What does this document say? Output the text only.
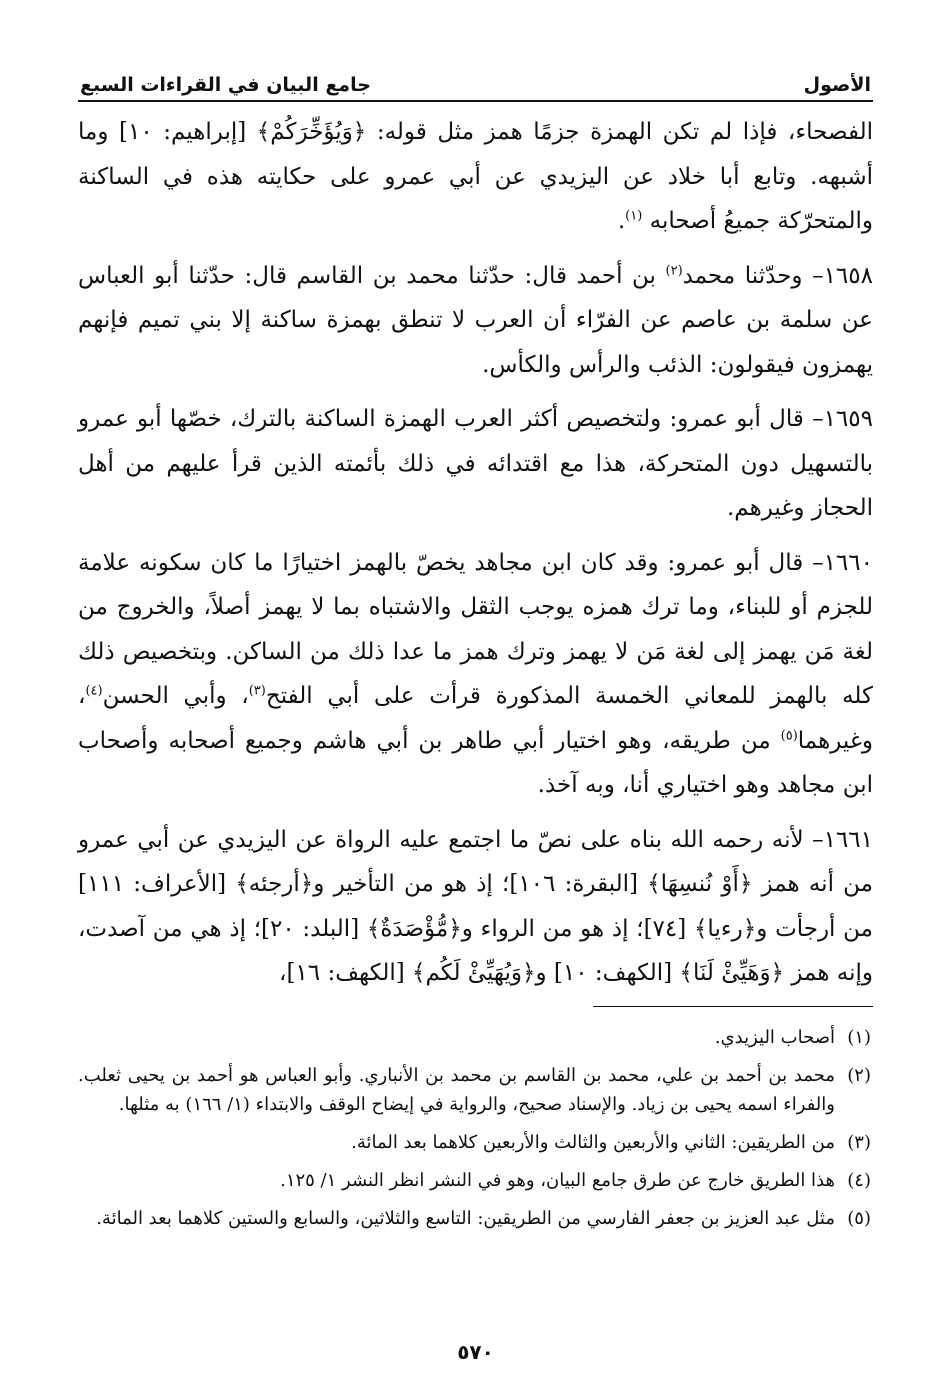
الأصول
جامع البيان في القراءات السبع

الفصحاء، فإذا لم تكن الهمزة جزمًا همز مثل قوله: ﴿وَيُؤَخِّرَكُمْ﴾ [إبراهيم: ١٠] وما أشبهه. وتابع أبا خلاد عن اليزيدي عن أبي عمرو على حكايته هذه في الساكنة والمتحرّكة جميعُ أصحابه $^{(١)}$.

١٦٥٨– وحدّثنا محمد$^{(٢)}$ بن أحمد قال: حدّثنا محمد بن القاسم قال: حدّثنا أبو العباس عن سلمة بن عاصم عن الفرّاء أن العرب لا تنطق بهمزة ساكنة إلا بني تميم فإنهم يهمزون فيقولون: الذئب والرأس والكأس.

١٦٥٩– قال أبو عمرو: ولتخصيص أكثر العرب الهمزة الساكنة بالترك، خصّها أبو عمرو بالتسهيل دون المتحركة، هذا مع اقتدائه في ذلك بأئمته الذين قرأ عليهم من أهل الحجاز وغيرهم.

١٦٦٠– قال أبو عمرو: وقد كان ابن مجاهد يخصّ بالهمز اختيارًا ما كان سكونه علامة للجزم أو للبناء، وما ترك همزه يوجب الثقل والاشتباه بما لا يهمز أصلاً، والخروج من لغة مَن يهمز إلى لغة مَن لا يهمز وترك همز ما عدا ذلك من الساكن. وبتخصيص ذلك كله بالهمز للمعاني الخمسة المذكورة قرأت على أبي الفتح$^{(٣)}$، وأبي الحسن$^{(٤)}$، وغيرهما$^{(٥)}$ من طريقه، وهو اختيار أبي طاهر بن أبي هاشم وجميع أصحابه وأصحاب ابن مجاهد وهو اختياري أنا، وبه آخذ.

١٦٦١– لأنه رحمه الله بناه على نصّ ما اجتمع عليه الرواة عن اليزيدي عن أبي عمرو من أنه همز ﴿أَوْ نُنسِهَا﴾ [البقرة: ١٠٦]؛ إذ هو من التأخير و﴿أرجئه﴾ [الأعراف: ١١١] من أرجأت و﴿رءيا﴾ [٧٤]؛ إذ هو من الرواء و﴿مُّؤْصَدَةٌ﴾ [البلد: ٢٠]؛ إذ هي من آصدت، وإنه همز ﴿وَهَيِّئْ لَنَا﴾ [الكهف: ١٠] و﴿وَيُهَيِّئْ لَكُم﴾ [الكهف: ١٦]،

(١)
أصحاب اليزيدي.
(٢)
محمد بن أحمد بن علي، محمد بن القاسم بن محمد بن الأنباري. وأبو العباس هو أحمد بن يحيى ثعلب. والفراء اسمه يحيى بن زياد. والإسناد صحيح، والرواية في إيضاح الوقف والابتداء (١/ ١٦٦) به مثلها.
(٣)
من الطريقين: الثاني والأربعين والثالث والأربعين كلاهما بعد المائة.
(٤)
هذا الطريق خارج عن طرق جامع البيان، وهو في النشر انظر النشر ١/ ١٢٥.
(٥)
مثل عبد العزيز بن جعفر الفارسي من الطريقين: التاسع والثلاثين، والسابع والستين كلاهما بعد المائة.
٥٧٠
